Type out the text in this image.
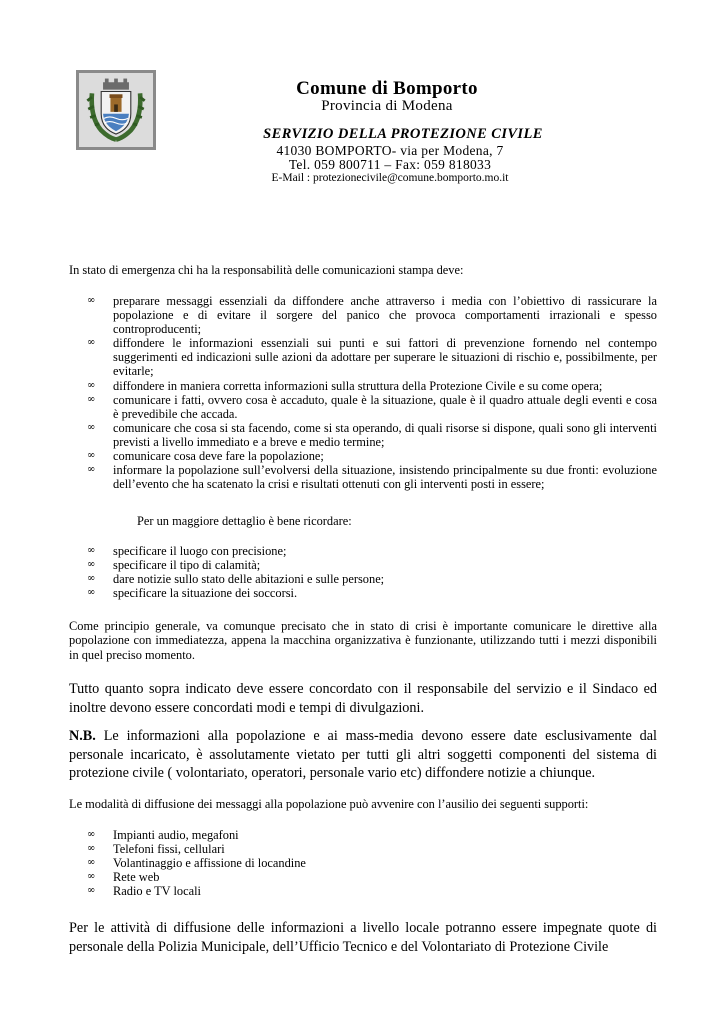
Comune di Bomporto
Provincia di Modena
SERVIZIO DELLA PROTEZIONE CIVILE
41030 BOMPORTO- via per Modena, 7
Tel. 059 800711 – Fax: 059 818033
E-Mail : protezionecivile@comune.bomporto.mo.it
In stato di emergenza chi ha la responsabilità delle comunicazioni stampa deve:
∞ preparare messaggi essenziali da diffondere anche attraverso i media con l’obiettivo di rassicurare la popolazione e di evitare il sorgere del panico che provoca comportamenti irrazionali e spesso controproducenti;
∞ diffondere le informazioni essenziali sui punti e sui fattori di prevenzione fornendo nel contempo suggerimenti ed indicazioni sulle azioni da adottare per superare le situazioni di rischio e, possibilmente, per evitarle;
∞ diffondere in maniera corretta informazioni sulla struttura della Protezione Civile e su come opera;
∞ comunicare i fatti, ovvero cosa è accaduto, quale è la situazione, quale è il quadro attuale degli eventi e cosa è prevedibile che accada.
∞ comunicare che cosa si sta facendo, come si sta operando, di quali risorse si dispone, quali sono gli interventi previsti a livello immediato e a breve e medio termine;
∞ comunicare cosa deve fare la popolazione;
∞ informare la popolazione sull’evolversi della situazione, insistendo principalmente su due fronti: evoluzione dell’evento che ha scatenato la crisi e risultati ottenuti con gli interventi posti in essere;
Per un maggiore dettaglio è bene ricordare:
∞ specificare il luogo con precisione;
∞ specificare il tipo di calamità;
∞ dare notizie sullo stato delle abitazioni e sulle persone;
∞ specificare la situazione dei soccorsi.
Come principio generale, va comunque precisato che in stato di crisi è importante comunicare le direttive alla popolazione con immediatezza, appena la macchina organizzativa è funzionante, utilizzando tutti i mezzi disponibili in quel preciso momento.
Tutto quanto sopra indicato deve essere concordato con il responsabile del servizio e il Sindaco ed inoltre devono essere concordati modi e tempi di divulgazioni.
N.B. Le informazioni alla popolazione e ai mass-media devono essere date esclusivamente dal personale incaricato, è assolutamente vietato per tutti gli altri soggetti componenti del sistema di protezione civile ( volontariato, operatori, personale vario etc) diffondere notizie a chiunque.
Le modalità di diffusione dei messaggi alla popolazione può avvenire con l’ausilio dei seguenti supporti:
∞ Impianti audio, megafoni
∞ Telefoni fissi, cellulari
∞ Volantinaggio e affissione di locandine
∞ Rete web
∞ Radio e TV locali
Per le attività di diffusione delle informazioni a livello locale potranno essere impegnate quote di personale della Polizia Municipale, dell’Ufficio Tecnico e del Volontariato di Protezione Civile
